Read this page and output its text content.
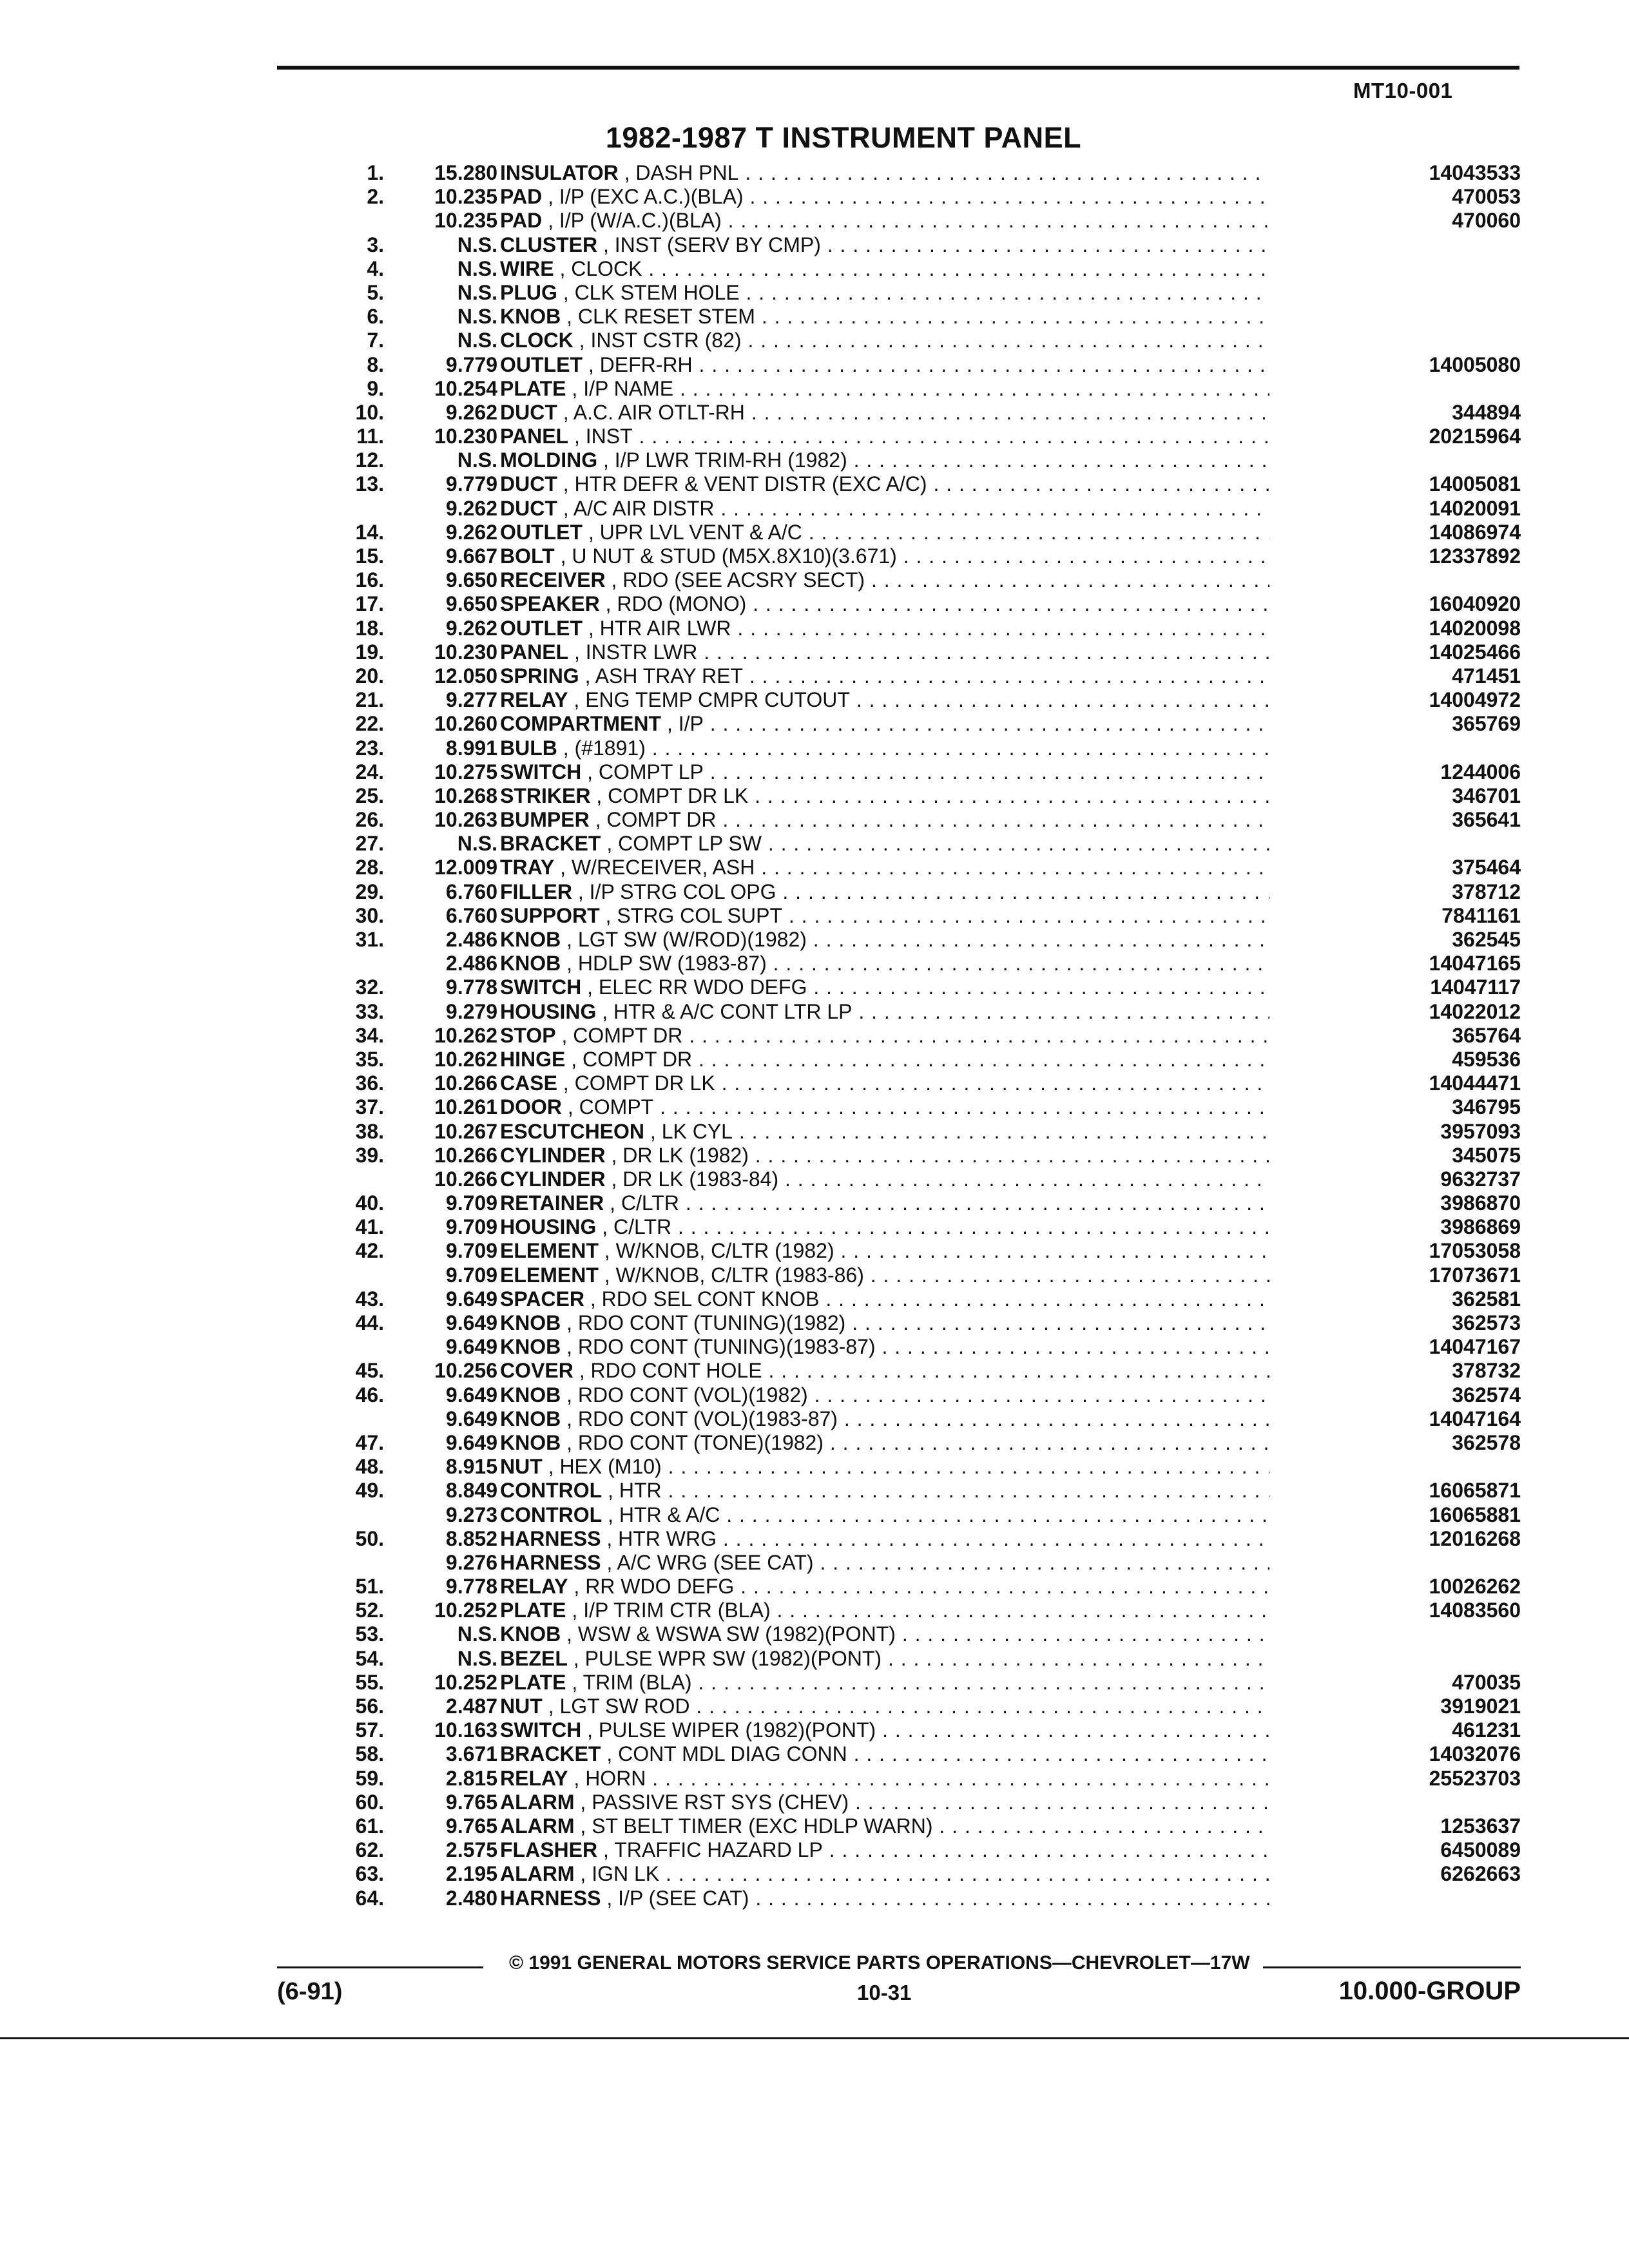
MT10-001
1982-1987 T INSTRUMENT PANEL
1.	15.280 INSULATOR , DASH PNL . . .	14043533
2.	10.235 PAD , I/P (EXC A.C.)(BLA) . . .	470053
10.235 PAD , I/P (W/A.C.)(BLA) . . .	470060
3.	N.S. CLUSTER , INST (SERV BY CMP) . . .
4.	N.S. WIRE , CLOCK . . .
5.	N.S. PLUG , CLK STEM HOLE . . .
6.	N.S. KNOB , CLK RESET STEM . . .
7.	N.S. CLOCK , INST CSTR (82) . . .
8.	9.779 OUTLET , DEFR-RH . . .	14005080
9.	10.254 PLATE , I/P NAME . . .
10.	9.262 DUCT , A.C. AIR OTLT-RH . . .	344894
11.	10.230 PANEL , INST . . .	20215964
12.	N.S. MOLDING , I/P LWR TRIM-RH (1982) . . .
13.	9.779 DUCT , HTR DEFR & VENT DISTR (EXC A/C) . . .	14005081
9.262 DUCT , A/C AIR DISTR . . .	14020091
14.	9.262 OUTLET , UPR LVL VENT & A/C . . .	14086974
15.	9.667 BOLT , U NUT & STUD (M5X.8X10)(3.671) . . .	12337892
16.	9.650 RECEIVER , RDO (SEE ACSRY SECT) . . .
17.	9.650 SPEAKER , RDO (MONO) . . .	16040920
18.	9.262 OUTLET , HTR AIR LWR . . .	14020098
19.	10.230 PANEL , INSTR LWR . . .	14025466
20.	12.050 SPRING , ASH TRAY RET . . .	471451
21.	9.277 RELAY , ENG TEMP CMPR CUTOUT . . .	14004972
22.	10.260 COMPARTMENT , I/P . . .	365769
23.	8.991 BULB , (#1891) . . .
24.	10.275 SWITCH , COMPT LP . . .	1244006
25.	10.268 STRIKER , COMPT DR LK . . .	346701
26.	10.263 BUMPER , COMPT DR . . .	365641
27.	N.S. BRACKET , COMPT LP SW . . .
28.	12.009 TRAY , W/RECEIVER, ASH . . .	375464
29.	6.760 FILLER , I/P STRG COL OPG . . .	378712
30.	6.760 SUPPORT , STRG COL SUPT . . .	7841161
31.	2.486 KNOB , LGT SW (W/ROD)(1982) . . .	362545
2.486 KNOB , HDLP SW (1983-87) . . .	14047165
32.	9.778 SWITCH , ELEC RR WDO DEFG . . .	14047117
33.	9.279 HOUSING , HTR & A/C CONT LTR LP . . .	14022012
34.	10.262 STOP , COMPT DR . . .	365764
35.	10.262 HINGE , COMPT DR . . .	459536
36.	10.266 CASE , COMPT DR LK . . .	14044471
37.	10.261 DOOR , COMPT . . .	346795
38.	10.267 ESCUTCHEON , LK CYL . . .	3957093
39.	10.266 CYLINDER , DR LK (1982) . . .	345075
10.266 CYLINDER , DR LK (1983-84) . . .	9632737
40.	9.709 RETAINER , C/LTR . . .	3986870
41.	9.709 HOUSING , C/LTR . . .	3986869
42.	9.709 ELEMENT , W/KNOB, C/LTR (1982) . . .	17053058
9.709 ELEMENT , W/KNOB, C/LTR (1983-86) . . .	17073671
43.	9.649 SPACER , RDO SEL CONT KNOB . . .	362581
44.	9.649 KNOB , RDO CONT (TUNING)(1982) . . .	362573
9.649 KNOB , RDO CONT (TUNING)(1983-87) . . .	14047167
45.	10.256 COVER , RDO CONT HOLE . . .	378732
46.	9.649 KNOB , RDO CONT (VOL)(1982) . . .	362574
9.649 KNOB , RDO CONT (VOL)(1983-87) . . .	14047164
47.	9.649 KNOB , RDO CONT (TONE)(1982) . . .	362578
48.	8.915 NUT , HEX (M10) . . .
49.	8.849 CONTROL , HTR . . .	16065871
9.273 CONTROL , HTR & A/C . . .	16065881
50.	8.852 HARNESS , HTR WRG . . .	12016268
9.276 HARNESS , A/C WRG (SEE CAT) . . .
51.	9.778 RELAY , RR WDO DEFG . . .	10026262
52.	10.252 PLATE , I/P TRIM CTR (BLA) . . .	14083560
53.	N.S. KNOB , WSW & WSWA SW (1982)(PONT) . . .
54.	N.S. BEZEL , PULSE WPR SW (1982)(PONT) . . .
55.	10.252 PLATE , TRIM (BLA) . . .	470035
56.	2.487 NUT , LGT SW ROD . . .	3919021
57.	10.163 SWITCH , PULSE WIPER (1982)(PONT) . . .	461231
58.	3.671 BRACKET , CONT MDL DIAG CONN . . .	14032076
59.	2.815 RELAY , HORN . . .	25523703
60.	9.765 ALARM , PASSIVE RST SYS (CHEV) . . .
61.	9.765 ALARM , ST BELT TIMER (EXC HDLP WARN) . . .	1253637
62.	2.575 FLASHER , TRAFFIC HAZARD LP . . .	6450089
63.	2.195 ALARM , IGN LK . . .	6262663
64.	2.480 HARNESS , I/P (SEE CAT) . . .
© 1991 GENERAL MOTORS SERVICE PARTS OPERATIONS—CHEVROLET—17W
(6-91)	10-31	10.000-GROUP
